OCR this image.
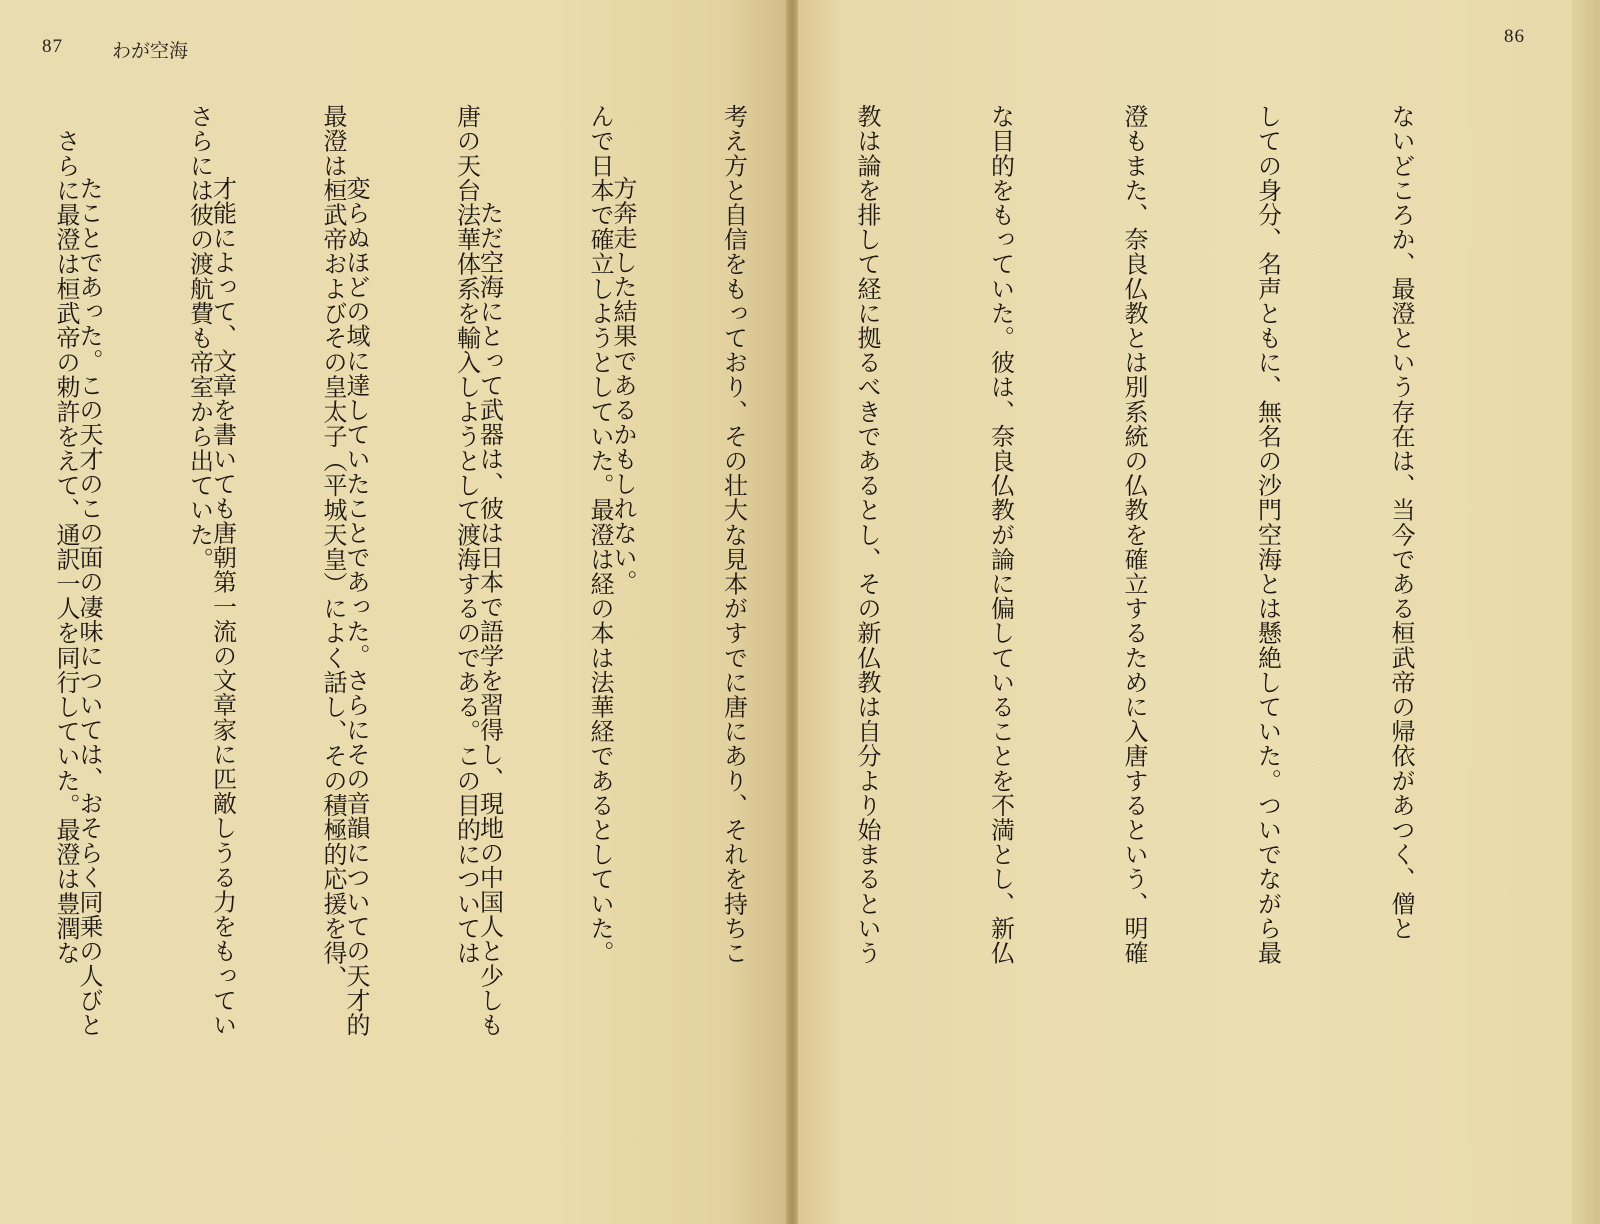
87	わが空海

方奔走した結果であるかもしれない。

　ただ空海にとって武器は、彼は日本で語学を習得し、現地の中国人と少しも

変らぬほどの域に達していたことであった。さらにその音韻についての天才的

才能によって、文章を書いても唐朝第一流の文章家に匹敵しうる力をもってい

たことであった。この天才のこの面の凄味については、おそらく同乗の人びと

86

ないどころか、最澄という存在は、当今である桓武帝の帰依があつく、僧と

しての身分、名声ともに、無名の沙門空海とは懸絶していた。ついでながら最

澄もまた、奈良仏教とは別系統の仏教を確立するために入唐するという、明確

な目的をもっていた。彼は、奈良仏教が論に偏していることを不満とし、新仏

教は論を排して経に拠るべきであるとし、その新仏教は自分より始まるという

考え方と自信をもっており、その壮大な見本がすでに唐にあり、それを持ちこ

んで日本で確立しようとしていた。最澄は経の本は法華経であるとしていた。

唐の天台法華体系を輸入しようとして渡海するのである。この目的については

最澄は桓武帝およびその皇太子（平城天皇）によく話し、その積極的応援を得、

さらには彼の渡航費も帝室から出ていた。

　さらに最澄は桓武帝の勅許をえて、通訳一人を同行していた。最澄は豊潤な
